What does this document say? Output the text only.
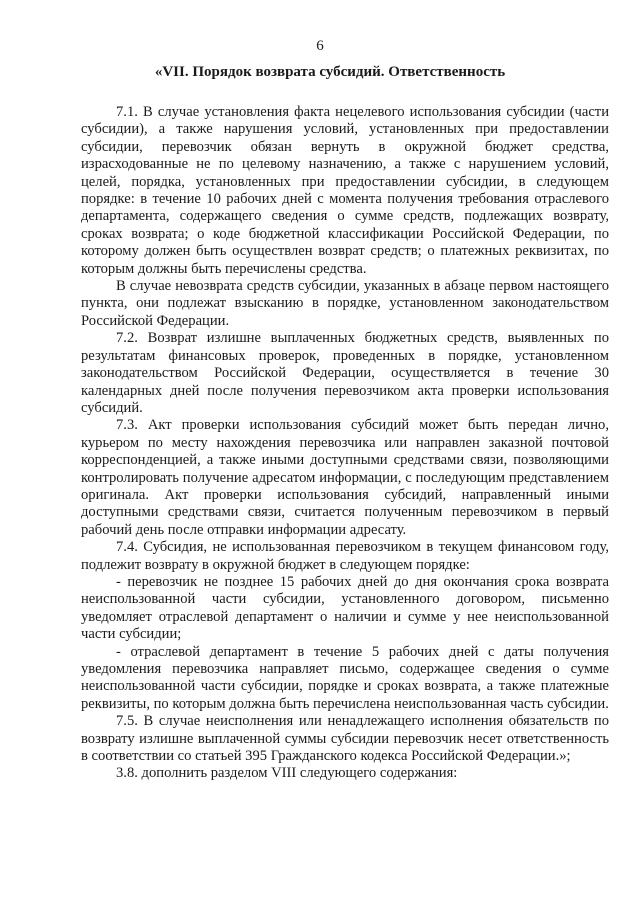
6
«VII. Порядок возврата субсидий. Ответственность

7.1. В случае установления факта нецелевого использования субсидии (части субсидии), а также нарушения условий, установленных при предоставлении субсидии, перевозчик обязан вернуть в окружной бюджет средства, израсходованные не по целевому назначению, а также с нарушением условий, целей, порядка, установленных при предоставлении субсидии, в следующем порядке: в течение 10 рабочих дней с момента получения требования отраслевого департамента, содержащего сведения о сумме средств, подлежащих возврату, сроках возврата; о коде бюджетной классификации Российской Федерации, по которому должен быть осуществлен возврат средств; о платежных реквизитах, по которым должны быть перечислены средства.

В случае невозврата средств субсидии, указанных в абзаце первом настоящего пункта, они подлежат взысканию в порядке, установленном законодательством Российской Федерации.

7.2. Возврат излишне выплаченных бюджетных средств, выявленных по результатам финансовых проверок, проведенных в порядке, установленном законодательством Российской Федерации, осуществляется в течение 30 календарных дней после получения перевозчиком акта проверки использования субсидий.

7.3. Акт проверки использования субсидий может быть передан лично, курьером по месту нахождения перевозчика или направлен заказной почтовой корреспонденцией, а также иными доступными средствами связи, позволяющими контролировать получение адресатом информации, с последующим представлением оригинала. Акт проверки использования субсидий, направленный иными доступными средствами связи, считается полученным перевозчиком в первый рабочий день после отправки информации адресату.

7.4. Субсидия, не использованная перевозчиком в текущем финансовом году, подлежит возврату в окружной бюджет в следующем порядке:

- перевозчик не позднее 15 рабочих дней до дня окончания срока возврата неиспользованной части субсидии, установленного договором, письменно уведомляет отраслевой департамент о наличии и сумме у нее неиспользованной части субсидии;

- отраслевой департамент в течение 5 рабочих дней с даты получения уведомления перевозчика направляет письмо, содержащее сведения о сумме неиспользованной части субсидии, порядке и сроках возврата, а также платежные реквизиты, по которым должна быть перечислена неиспользованная часть субсидии.

7.5. В случае неисполнения или ненадлежащего исполнения обязательств по возврату излишне выплаченной суммы субсидии перевозчик несет ответственность в соответствии со статьей 395 Гражданского кодекса Российской Федерации.»;

3.8. дополнить разделом VIII следующего содержания:
